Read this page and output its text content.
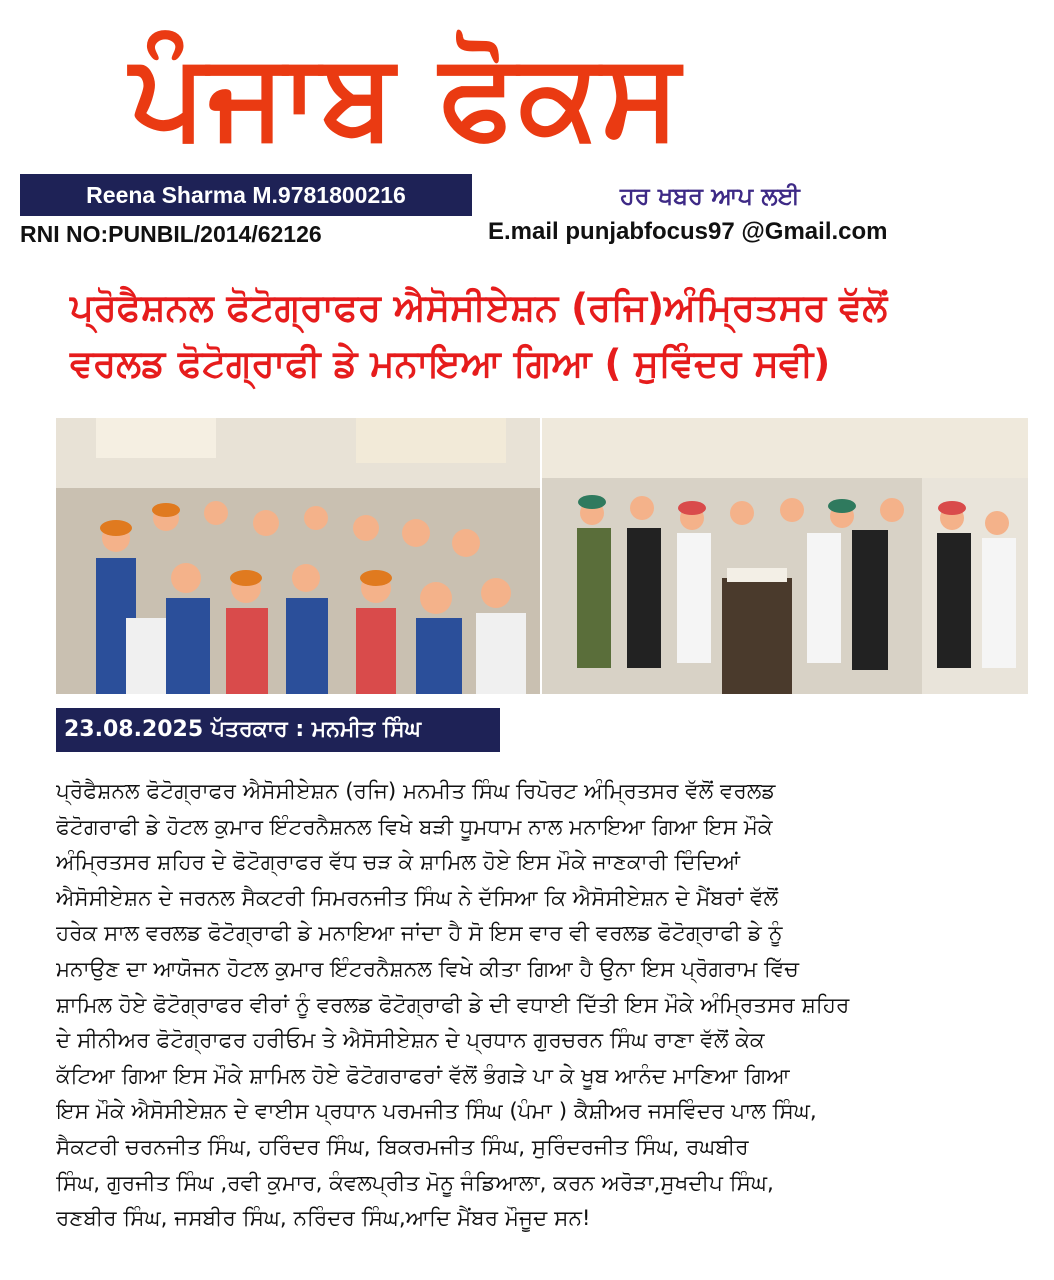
ਪੰਜਾਬ ਫੋਕਸ
Reena Sharma M.9781800216	ਹਰ ਖਬਰ ਆਪ ਲਈ
RNI NO:PUNBIL/2014/62126	E.mail punjabfocus97 @Gmail.com
ਪ੍ਰੋਫੈਸ਼ਨਲ ਫੋਟੋਗ੍ਰਾਫਰ ਐਸੋਸੀਏਸ਼ਨ (ਰਜਿ)ਅੰਮ੍ਰਿਤਸਰ ਵੱਲੋਂ
ਵਰਲਡ ਫੋਟੋਗ੍ਰਾਫੀ ਡੇ ਮਨਾਇਆ ਗਿਆ ( ਸੁਵਿੰਦਰ ਸਵੀ)
23.08.2025 ਪੱਤਰਕਾਰ : ਮਨਮੀਤ ਸਿੰਘ
ਪ੍ਰੋਫੈਸ਼ਨਲ ਫੋਟੋਗ੍ਰਾਫਰ ਐਸੋਸੀਏਸ਼ਨ (ਰਜਿ) ਮਨਮੀਤ ਸਿੰਘ ਰਿਪੋਰਟ ਅੰਮ੍ਰਿਤਸਰ ਵੱਲੋਂ ਵਰਲਡ
ਫੋਟੋਗਰਾਫੀ ਡੇ ਹੋਟਲ ਕੁਮਾਰ ਇੰਟਰਨੈਸ਼ਨਲ ਵਿਖੇ ਬੜੀ ਧੂਮਧਾਮ ਨਾਲ ਮਨਾਇਆ ਗਿਆ ਇਸ ਮੌਕੇ
ਅੰਮ੍ਰਿਤਸਰ ਸ਼ਹਿਰ ਦੇ ਫੋਟੋਗ੍ਰਾਫਰ ਵੱਧ ਚੜ ਕੇ ਸ਼ਾਮਿਲ ਹੋਏ ਇਸ ਮੌਕੇ ਜਾਣਕਾਰੀ ਦਿੰਦਿਆਂ
ਐਸੋਸੀਏਸ਼ਨ ਦੇ ਜਰਨਲ ਸੈਕਟਰੀ ਸਿਮਰਨਜੀਤ ਸਿੰਘ ਨੇ ਦੱਸਿਆ ਕਿ ਐਸੋਸੀਏਸ਼ਨ ਦੇ ਮੈਂਬਰਾਂ ਵੱਲੋਂ
ਹਰੇਕ ਸਾਲ ਵਰਲਡ ਫੋਟੋਗ੍ਰਾਫੀ ਡੇ ਮਨਾਇਆ ਜਾਂਦਾ ਹੈ ਸੋ ਇਸ ਵਾਰ ਵੀ ਵਰਲਡ ਫੋਟੋਗ੍ਰਾਫੀ ਡੇ ਨੂੰ
ਮਨਾਉਣ ਦਾ ਆਯੋਜਨ ਹੋਟਲ ਕੁਮਾਰ ਇੰਟਰਨੈਸ਼ਨਲ ਵਿਖੇ ਕੀਤਾ ਗਿਆ ਹੈ ਉਨਾ ਇਸ ਪ੍ਰੋਗਰਾਮ ਵਿੱਚ
ਸ਼ਾਮਿਲ ਹੋਏ ਫੋਟੋਗ੍ਰਾਫਰ ਵੀਰਾਂ ਨੂੰ ਵਰਲਡ ਫੋਟੋਗ੍ਰਾਫੀ ਡੇ ਦੀ ਵਧਾਈ ਦਿੱਤੀ ਇਸ ਮੌਕੇ ਅੰਮ੍ਰਿਤਸਰ ਸ਼ਹਿਰ
ਦੇ ਸੀਨੀਅਰ ਫੋਟੋਗ੍ਰਾਫਰ ਹਰੀਓਮ ਤੇ ਐਸੋਸੀਏਸ਼ਨ ਦੇ ਪ੍ਰਧਾਨ ਗੁਰਚਰਨ ਸਿੰਘ ਰਾਣਾ ਵੱਲੋਂ ਕੇਕ
ਕੱਟਿਆ ਗਿਆ ਇਸ ਮੌਕੇ ਸ਼ਾਮਿਲ ਹੋਏ ਫੋਟੋਗਰਾਫਰਾਂ ਵੱਲੋਂ ਭੰਗੜੇ ਪਾ ਕੇ ਖੂਬ ਆਨੰਦ ਮਾਣਿਆ ਗਿਆ
ਇਸ ਮੌਕੇ ਐਸੋਸੀਏਸ਼ਨ ਦੇ ਵਾਈਸ ਪ੍ਰਧਾਨ ਪਰਮਜੀਤ ਸਿੰਘ (ਪੰਮਾ ) ਕੈਸ਼ੀਅਰ ਜਸਵਿੰਦਰ ਪਾਲ ਸਿੰਘ,
ਸੈਕਟਰੀ ਚਰਨਜੀਤ ਸਿੰਘ, ਹਰਿੰਦਰ ਸਿੰਘ, ਬਿਕਰਮਜੀਤ ਸਿੰਘ, ਸੁਰਿੰਦਰਜੀਤ ਸਿੰਘ, ਰਘਬੀਰ
ਸਿੰਘ, ਗੁਰਜੀਤ ਸਿੰਘ ,ਰਵੀ ਕੁਮਾਰ, ਕੰਵਲਪ੍ਰੀਤ ਮੋਨੂ ਜੰਡਿਆਲਾ, ਕਰਨ ਅਰੋੜਾ,ਸੁਖਦੀਪ ਸਿੰਘ,
ਰਣਬੀਰ ਸਿੰਘ, ਜਸਬੀਰ ਸਿੰਘ, ਨਰਿੰਦਰ ਸਿੰਘ,ਆਦਿ ਮੈਂਬਰ ਮੌਜੂਦ ਸਨ!
